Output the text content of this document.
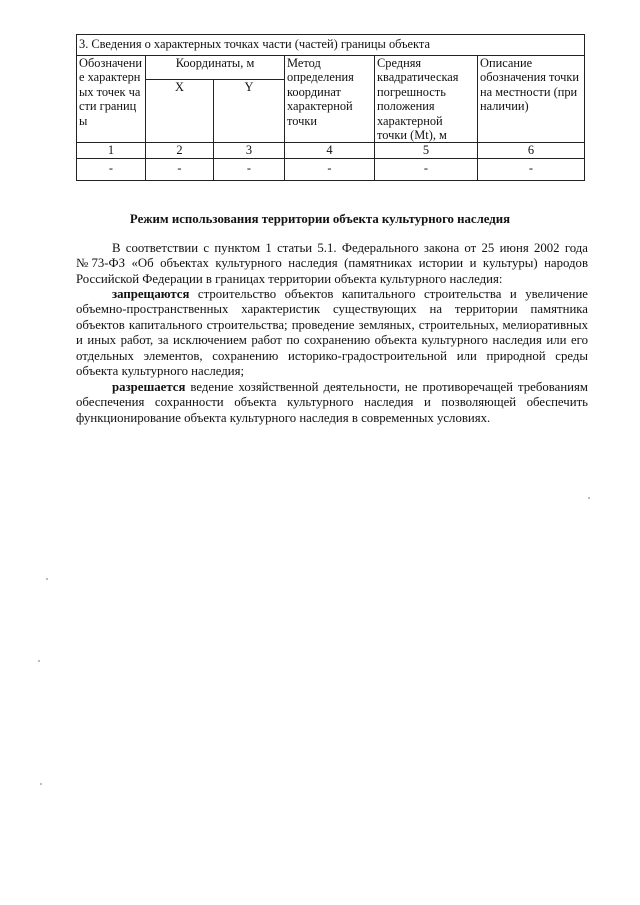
3. Сведения о характерных точках части (частей) границы объекта					
Обозначение характерных точек части границы	Координаты, м		Метод определения координат характерной точки	Средняя квадратическая погрешность положения характерной точки (Mt), м	Описание обозначения точки на местности (при наличии)
	X	Y			
1	2	3	4	5	6
-	-	-	-	-	-
Режим использования территории объекта культурного наследия

В соответствии с пунктом 1 статьи 5.1. Федерального закона от 25 июня 2002 года №73-ФЗ «Об объектах культурного наследия (памятниках истории и культуры) народов Российской Федерации в границах территории объекта культурного наследия:

запрещаются строительство объектов капитального строительства и увеличение объемно-пространственных характеристик существующих на территории памятника объектов капитального строительства; проведение земляных, строительных, мелиоративных и иных работ, за исключением работ по сохранению объекта культурного наследия или его отдельных элементов, сохранению историко-градостроительной или природной среды объекта культурного наследия;

разрешается ведение хозяйственной деятельности, не противоречащей требованиям обеспечения сохранности объекта культурного наследия и позволяющей обеспечить функционирование объекта культурного наследия в современных условиях.
